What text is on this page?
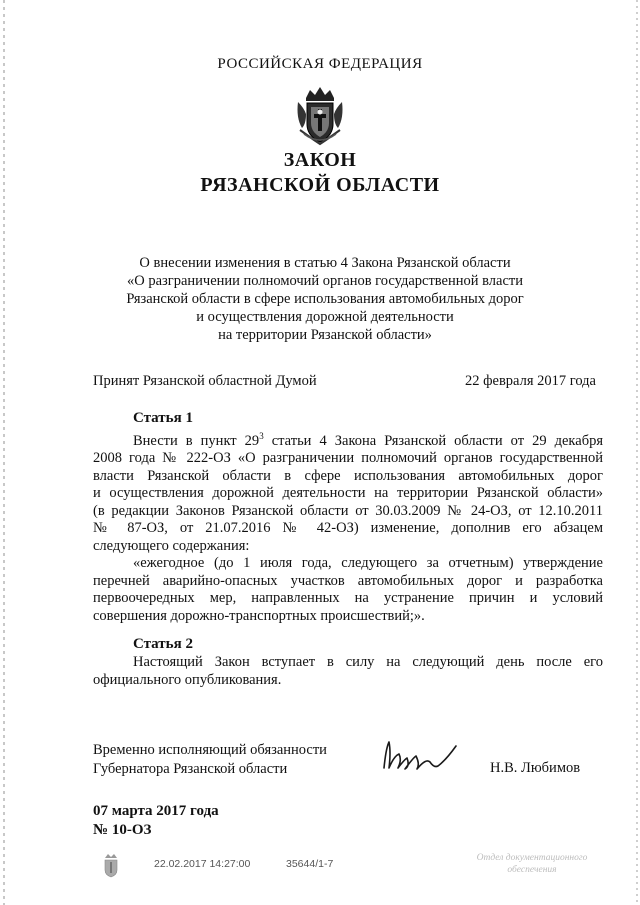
РОССИЙСКАЯ ФЕДЕРАЦИЯ
ЗАКОН
РЯЗАНСКОЙ ОБЛАСТИ
О внесении изменения в статью 4 Закона Рязанской области
«О разграничении полномочий органов государственной власти
Рязанской области в сфере использования автомобильных дорог
и осуществления дорожной деятельности
на территории Рязанской области»
Принят Рязанской областной Думой	22 февраля 2017 года
Статья 1
Внести в пункт $29^3$ статьи 4 Закона Рязанской области от 29 декабря
2008 года № 222-ОЗ «О разграничении полномочий органов государственной
власти Рязанской области в сфере использования автомобильных дорог
и осуществления дорожной деятельности на территории Рязанской области»
(в редакции Законов Рязанской области от 30.03.2009 № 24-ОЗ, от 12.10.2011
№ 87-ОЗ, от 21.07.2016 № 42-ОЗ) изменение, дополнив его абзацем
следующего содержания:
«ежегодное (до 1 июля года, следующего за отчетным) утверждение
перечней аварийно-опасных участков автомобильных дорог и разработка
первоочередных мер, направленных на устранение причин и условий
совершения дорожно-транспортных происшествий;».
Статья 2
Настоящий Закон вступает в силу на следующий день после его
официального опубликования.
Временно исполняющий обязанности
Губернатора Рязанской области	Н.В. Любимов
07 марта 2017 года
№ 10-ОЗ
22.02.2017 14:27:00	35644/1-7	Отдел документационного
обеспечения
